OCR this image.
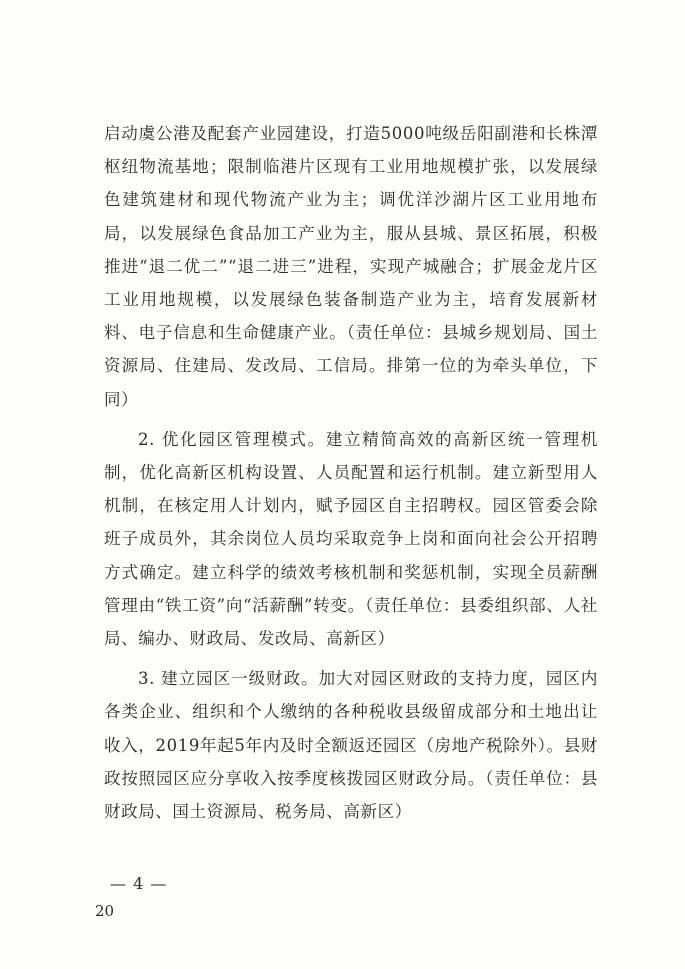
启动虞公港及配套产业园建设，打造5000吨级岳阳副港和长株潭枢纽物流基地；限制临港片区现有工业用地规模扩张，以发展绿色建筑建材和现代物流产业为主；调优洋沙湖片区工业用地布局，以发展绿色食品加工产业为主，服从县城、景区拓展，积极推进“退二优二”“退二进三”进程，实现产城融合；扩展金龙片区工业用地规模，以发展绿色装备制造产业为主，培育发展新材料、电子信息和生命健康产业。（责任单位：县城乡规划局、国土资源局、住建局、发改局、工信局。排第一位的为牵头单位，下同）

2. 优化园区管理模式。建立精简高效的高新区统一管理机制，优化高新区机构设置、人员配置和运行机制。建立新型用人机制，在核定用人计划内，赋予园区自主招聘权。园区管委会除班子成员外，其余岗位人员均采取竞争上岗和面向社会公开招聘方式确定。建立科学的绩效考核机制和奖惩机制，实现全员薪酬管理由“铁工资”向“活薪酬”转变。（责任单位：县委组织部、人社局、编办、财政局、发改局、高新区）

3. 建立园区一级财政。加大对园区财政的支持力度，园区内各类企业、组织和个人缴纳的各种税收县级留成部分和土地出让收入，2019年起5年内及时全额返还园区（房地产税除外）。县财政按照园区应分享收入按季度核拨园区财政分局。（责任单位：县财政局、国土资源局、税务局、高新区）

— 4 —
20
